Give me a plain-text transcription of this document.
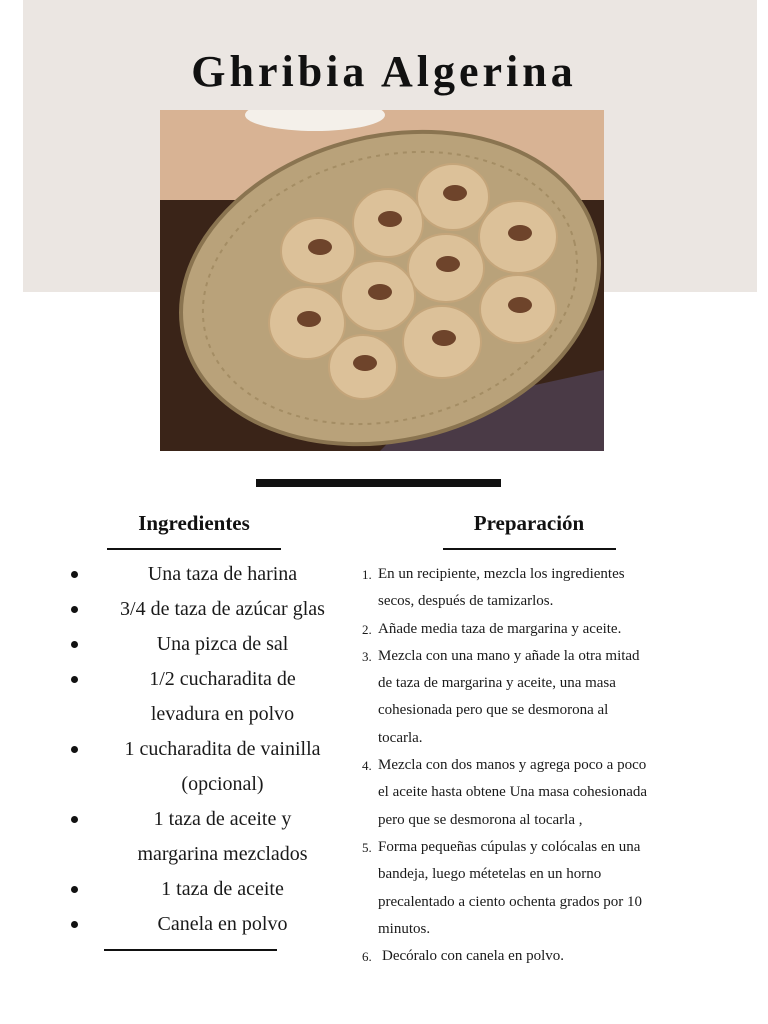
Ghribia Algerina
Ingredientes	Preparación
Una taza de harina
3/4 de taza de azúcar glas
Una pizca de sal
1/2 cucharadita de
levadura en polvo
1 cucharadita de vainilla
(opcional)
1 taza de aceite y
margarina mezclados
1 taza de aceite
Canela en polvo
1. En un recipiente, mezcla los ingredientes
secos, después de tamizarlos.
2. Añade media taza de margarina y aceite.
3. Mezcla con una mano y añade la otra mitad
de taza de margarina y aceite, una masa
cohesionada pero que se desmorona al
tocarla.
4. Mezcla con dos manos y agrega poco a poco
el aceite hasta obtene Una masa cohesionada
pero que se desmorona al tocarla ,
5. Forma pequeñas cúpulas y colócalas en una
bandeja, luego métetelas en un horno
precalentado a ciento ochenta grados por 10
minutos.
6. Decóralo con canela en polvo.
